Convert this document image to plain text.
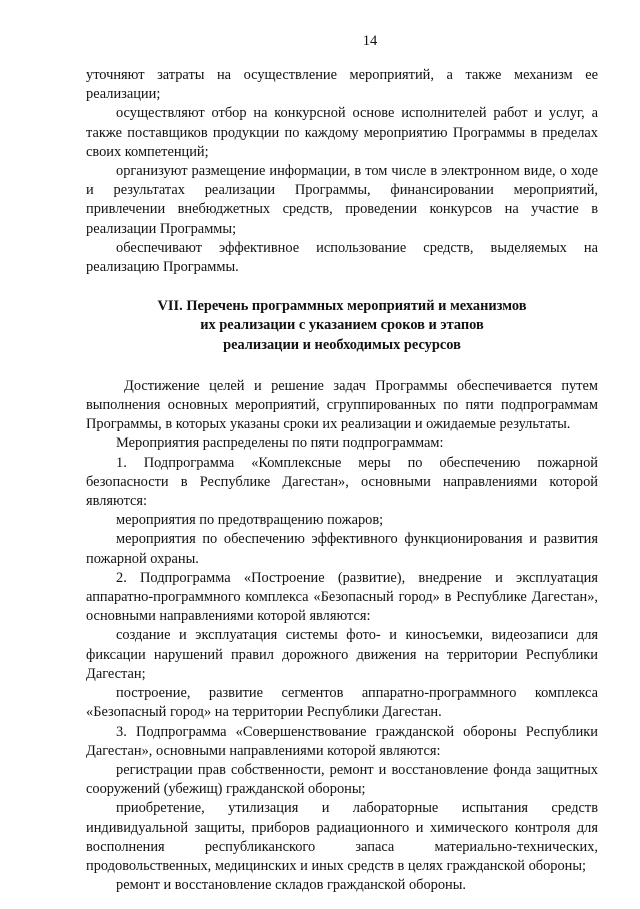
14

уточняют затраты на осуществление мероприятий, а также механизм ее реализации;

осуществляют отбор на конкурсной основе исполнителей работ и услуг, а также поставщиков продукции по каждому мероприятию Программы в пределах своих компетенций;

организуют размещение информации, в том числе в электронном виде, о ходе и результатах реализации Программы, финансировании мероприятий, привлечении внебюджетных средств, проведении конкурсов на участие в реализации Программы;

обеспечивают эффективное использование средств, выделяемых на реализацию Программы.

VII. Перечень программных мероприятий и механизмов
их реализации с указанием сроков и этапов
реализации и необходимых ресурсов

Достижение целей и решение задач Программы обеспечивается путем выполнения основных мероприятий, сгруппированных по пяти подпрограммам Программы, в которых указаны сроки их реализации и ожидаемые результаты.

Мероприятия распределены по пяти подпрограммам:

1. Подпрограмма «Комплексные меры по обеспечению пожарной безопасности в Республике Дагестан», основными направлениями которой являются:

мероприятия по предотвращению пожаров;

мероприятия по обеспечению эффективного функционирования и развития пожарной охраны.

2. Подпрограмма «Построение (развитие), внедрение и эксплуатация аппаратно-программного комплекса «Безопасный город» в Республике Дагестан», основными направлениями которой являются:

создание и эксплуатация системы фото- и киносъемки, видеозаписи для фиксации нарушений правил дорожного движения на территории Республики Дагестан;

построение, развитие сегментов аппаратно-программного комплекса «Безопасный город» на территории Республики Дагестан.

3. Подпрограмма «Совершенствование гражданской обороны Республики Дагестан», основными направлениями которой являются:

регистрации прав собственности, ремонт и восстановление фонда защитных сооружений (убежищ) гражданской обороны;

приобретение, утилизация и лабораторные испытания средств индивидуальной защиты, приборов радиационного и химического контроля для восполнения республиканского запаса материально-технических, продовольственных, медицинских и иных средств в целях гражданской обороны;

ремонт и восстановление складов гражданской обороны.
